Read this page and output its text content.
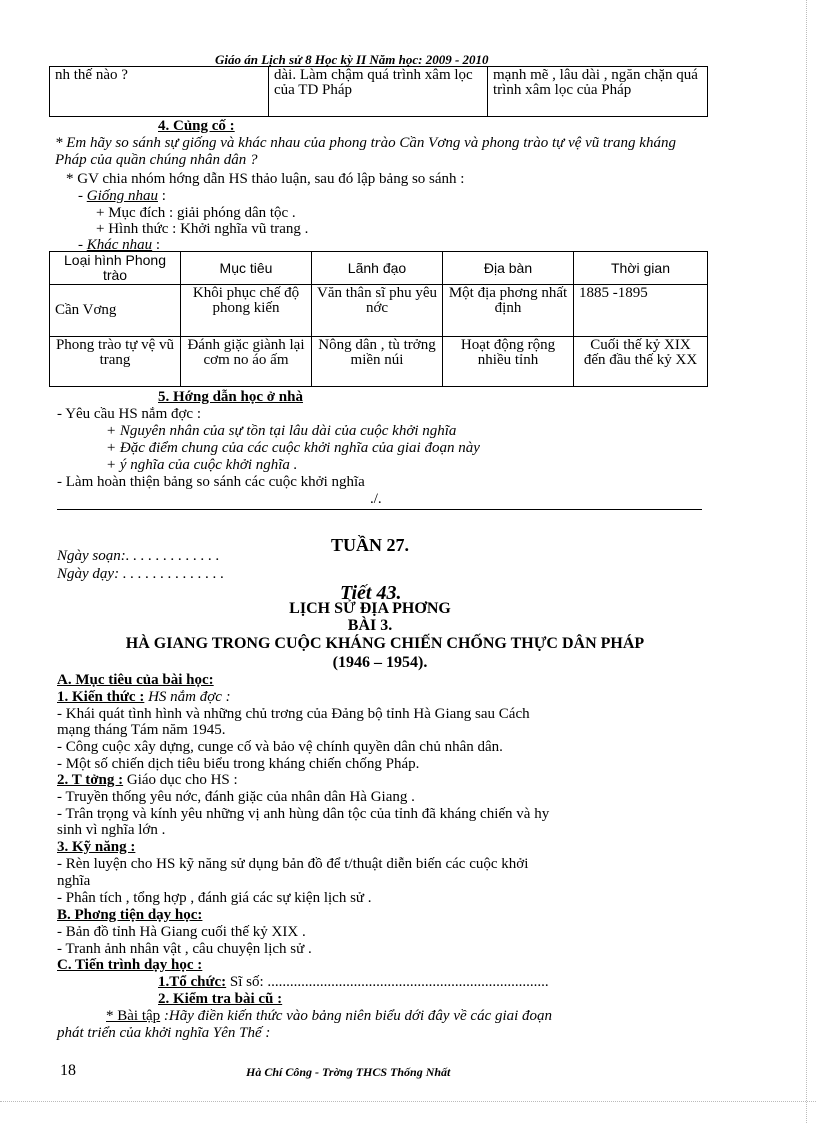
Giáo án Lịch sử 8 Học kỳ II Năm học: 2009 - 2010
nh thế nào ?	dài. Làm chậm quá trình xâm lọc của TD Pháp	mạnh mẽ , lâu dài , ngăn chặn quá trình xâm lọc của Pháp
4. Củng cố :
* Em hãy so sánh sự giống và khác nhau của phong trào Cần Vơng và phong trào tự vệ vũ trang kháng Pháp của quần chúng nhân dân ?
* GV chia nhóm hớng dẫn HS thảo luận, sau đó lập bảng so sánh :
- Giống nhau :
+ Mục đích : giải phóng dân tộc .
+ Hình thức : Khởi nghĩa vũ trang .
- Khác nhau :
Loại hình Phong trào	Mục tiêu	Lãnh đạo	Địa bàn	Thời gian
Cần Vơng	Khôi phục chế độ phong kiến	Văn thân sĩ phu yêu nớc	Một địa phơng nhất định	1885 -1895
Phong trào tự vệ vũ trang	Đánh giặc giành lại cơm no áo ấm	Nông dân , tù trởng miền núi	Hoạt động rộng nhiều tỉnh	Cuối thế kỷ XIX đến đầu thế kỷ XX
5. Hớng dẫn học ở nhà
- Yêu cầu HS nắm đợc :
+ Nguyên nhân của sự tồn tại lâu dài của cuộc khởi nghĩa
+ Đặc điểm chung của các cuộc khởi nghĩa của giai đoạn này
+ ý nghĩa của cuộc khởi nghĩa .
- Làm hoàn thiện bảng so sánh các cuộc khởi nghĩa
./.
TUẦN 27.
Ngày soạn:. . . . . . . . . . . . .
Ngày dạy: . . . . . . . . . . . . . .
Tiết 43.
LỊCH SỬ ĐỊA PHƠNG
BÀI 3.
HÀ GIANG TRONG CUỘC KHÁNG CHIẾN CHỐNG THỰC DÂN PHÁP
(1946 – 1954).
A. Mục tiêu của bài học:
1. Kiến thức : HS nắm đợc :
- Khái quát tình hình và những chủ trơng của Đảng bộ tỉnh Hà Giang sau Cách
mạng tháng Tám năm 1945.
- Công cuộc xây dựng, cunge cố và bảo vệ chính quyền dân chủ nhân dân.
- Một số chiến dịch tiêu biểu trong kháng chiến chống Pháp.
2. T tởng : Giáo dục cho HS :
- Truyền thống yêu nớc, đánh giặc của nhân dân Hà Giang .
- Trân trọng và kính yêu những vị anh hùng dân tộc của tỉnh đã kháng chiến và hy
sinh vì nghĩa lớn .
3. Kỹ năng :
- Rèn luyện cho HS kỹ năng sử dụng bản đồ để t/thuật diễn biến các cuộc khởi
nghĩa
- Phân tích , tổng hợp , đánh giá các sự kiện lịch sử .
B. Phơng tiện dạy học:
- Bản đồ tỉnh Hà Giang cuối thế kỷ XIX .
- Tranh ảnh nhân vật , câu chuyện lịch sử .
C. Tiến trình dạy học :
1.Tổ chức: Sĩ số: ...........................................................................
2. Kiểm tra bài cũ :
* Bài tập :Hãy điền kiến thức vào bảng niên biểu dới đây về các giai đoạn
phát triển của khởi nghĩa Yên Thế :
18	Hà Chí Công - Trờng THCS Thống Nhất
